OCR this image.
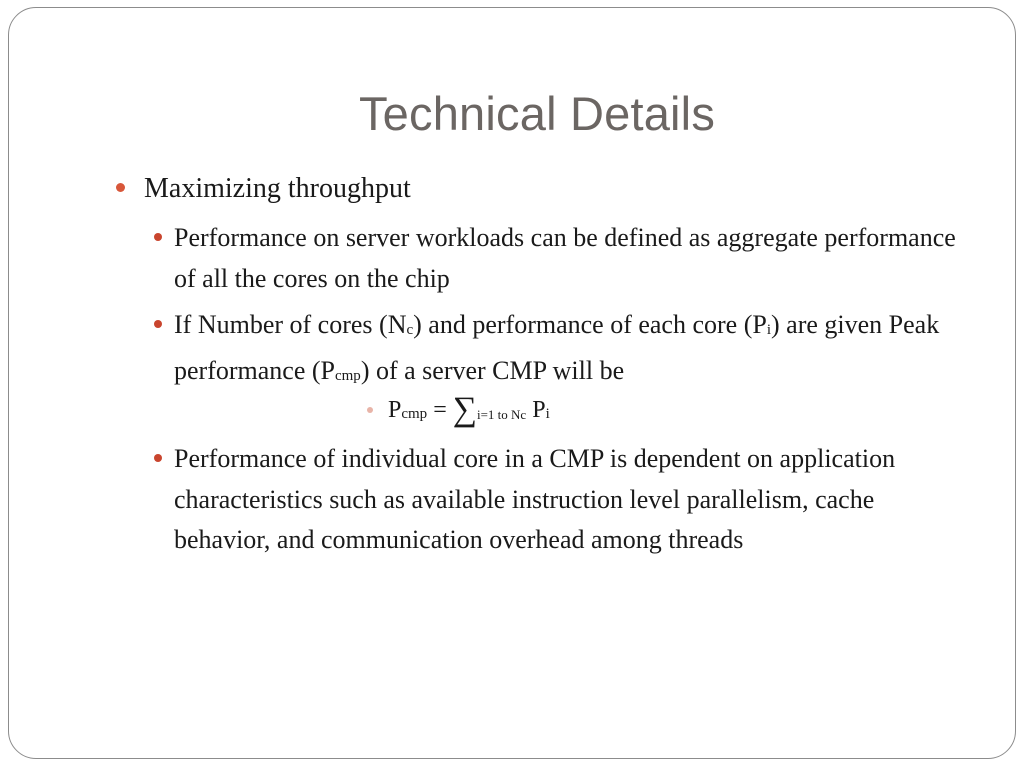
Technical Details
Maximizing throughput
Performance on server workloads can be defined as aggregate performance of all the cores on the chip
If Number of cores (Nc) and performance of each core (Pi) are given Peak performance (Pcmp) of a server CMP will be
Pcmp = ∑i=1 to Nc Pi
Performance of individual core in a CMP is dependent on application characteristics such as available instruction level parallelism, cache behavior, and communication overhead among threads
